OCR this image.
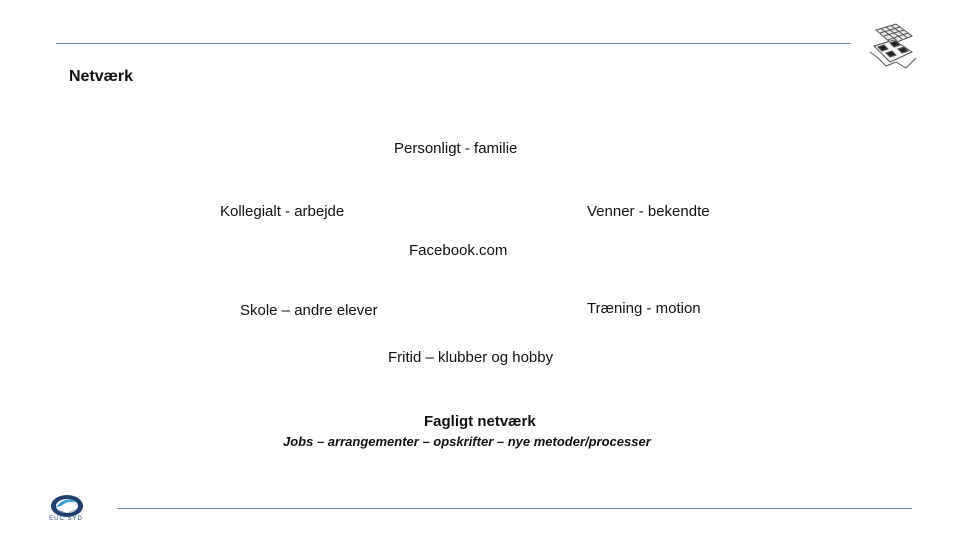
Netværk
Personligt - familie
Kollegialt - arbejde	Venner - bekendte
Facebook.com
Skole – andre elever	Træning - motion
Fritid – klubber og hobby
Fagligt netværk
Jobs – arrangementer – opskrifter – nye metoder/processer
EUC SYD
